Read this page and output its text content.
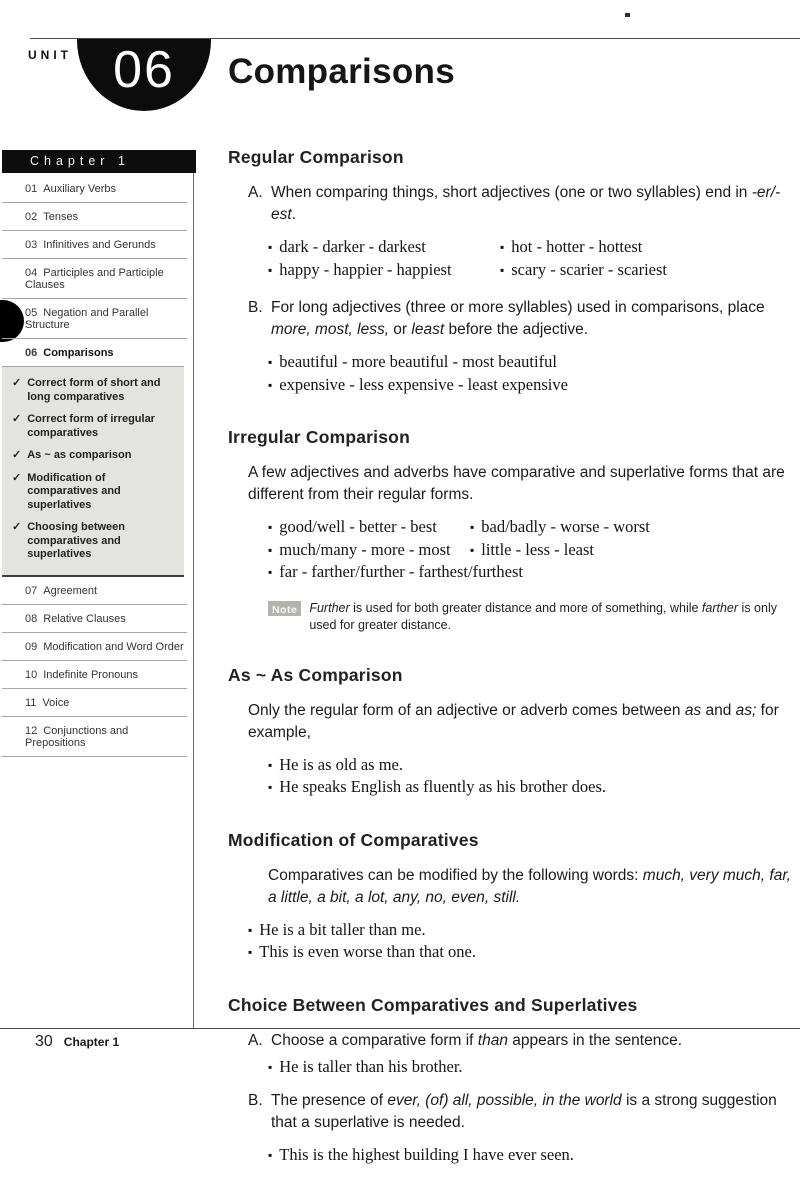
UNIT 06 Comparisons
Chapter 1
01 Auxiliary Verbs
02 Tenses
03 Infinitives and Gerunds
04 Participles and Participle Clauses
05 Negation and Parallel Structure
06 Comparisons
✓ Correct form of short and long comparatives
✓ Correct form of irregular comparatives
✓ As ~ as comparison
✓ Modification of comparatives and superlatives
✓ Choosing between comparatives and superlatives
07 Agreement
08 Relative Clauses
09 Modification and Word Order
10 Indefinite Pronouns
11 Voice
12 Conjunctions and Prepositions
Regular Comparison
A. When comparing things, short adjectives (one or two syllables) end in -er/-est.
▪ dark - darker - darkest	▪ hot - hotter - hottest
▪ happy - happier - happiest	▪ scary - scarier - scariest
B. For long adjectives (three or more syllables) used in comparisons, place more, most, less, or least before the adjective.
▪ beautiful - more beautiful - most beautiful
▪ expensive - less expensive - least expensive
Irregular Comparison

A few adjectives and adverbs have comparative and superlative forms that are different from their regular forms.

▪ good/well - better - best	▪ bad/badly - worse - worst
▪ much/many - more - most	▪ little - less - least
▪ far - farther/further - farthest/furthest
Note Further is used for both greater distance and more of something, while farther is only used for greater distance.
As ~ As Comparison

Only the regular form of an adjective or adverb comes between as and as; for example,

▪ He is as old as me.
▪ He speaks English as fluently as his brother does.
Modification of Comparatives

Comparatives can be modified by the following words: much, very much, far, a little, a bit, a lot, any, no, even, still.

▪ He is a bit taller than me.
▪ This is even worse than that one.
Choice Between Comparatives and Superlatives
A. Choose a comparative form if than appears in the sentence.
▪ He is taller than his brother.
B. The presence of ever, (of) all, possible, in the world is a strong suggestion that a superlative is needed.
▪ This is the highest building I have ever seen.
30 Chapter 1
